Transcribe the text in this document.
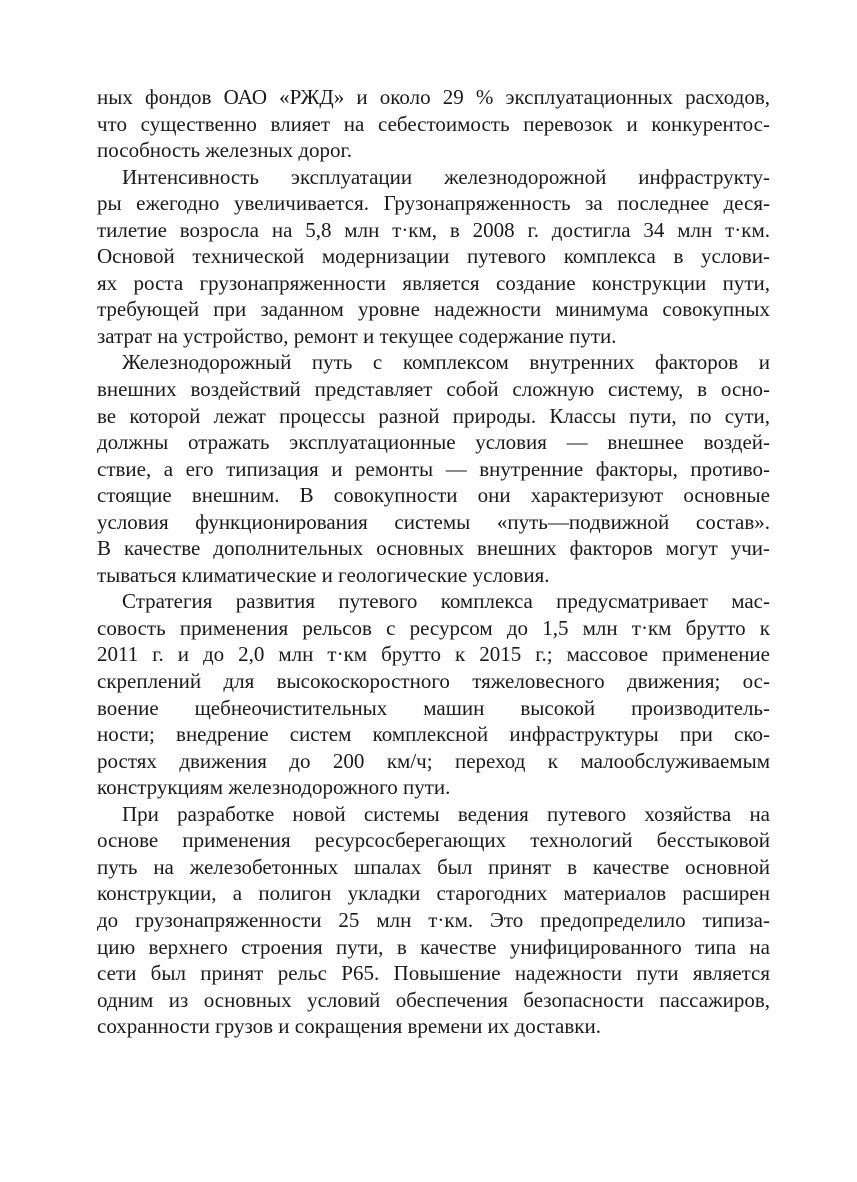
ных фондов ОАО «РЖД» и около 29 % эксплуатационных расходов,
что существенно влияет на себестоимость перевозок и конкурентос-
пособность железных дорог.
Интенсивность эксплуатации железнодорожной инфраструкту-
ры ежегодно увеличивается. Грузонапряженность за последнее деся-
тилетие возросла на 5,8 млн т·км, в 2008 г. достигла 34 млн т·км.
Основой технической модернизации путевого комплекса в услови-
ях роста грузонапряженности является создание конструкции пути,
требующей при заданном уровне надежности минимума совокупных
затрат на устройство, ремонт и текущее содержание пути.
Железнодорожный путь с комплексом внутренних факторов и
внешних воздействий представляет собой сложную систему, в осно-
ве которой лежат процессы разной природы. Классы пути, по сути,
должны отражать эксплуатационные условия — внешнее воздей-
ствие, а его типизация и ремонты — внутренние факторы, противо-
стоящие внешним. В совокупности они характеризуют основные
условия функционирования системы «путь—подвижной состав».
В качестве дополнительных основных внешних факторов могут учи-
тываться климатические и геологические условия.
Стратегия развития путевого комплекса предусматривает мас-
совость применения рельсов с ресурсом до 1,5 млн т·км брутто к
2011 г. и до 2,0 млн т·км брутто к 2015 г.; массовое применение
скреплений для высокоскоростного тяжеловесного движения; ос-
воение щебнеочистительных машин высокой производитель-
ности; внедрение систем комплексной инфраструктуры при ско-
ростях движения до 200 км/ч; переход к малообслуживаемым
конструкциям железнодорожного пути.
При разработке новой системы ведения путевого хозяйства на
основе применения ресурсосберегающих технологий бесстыковой
путь на железобетонных шпалах был принят в качестве основной
конструкции, а полигон укладки старогодних материалов расширен
до грузонапряженности 25 млн т·км. Это предопределило типиза-
цию верхнего строения пути, в качестве унифицированного типа на
сети был принят рельс Р65. Повышение надежности пути является
одним из основных условий обеспечения безопасности пассажиров,
сохранности грузов и сокращения времени их доставки.
